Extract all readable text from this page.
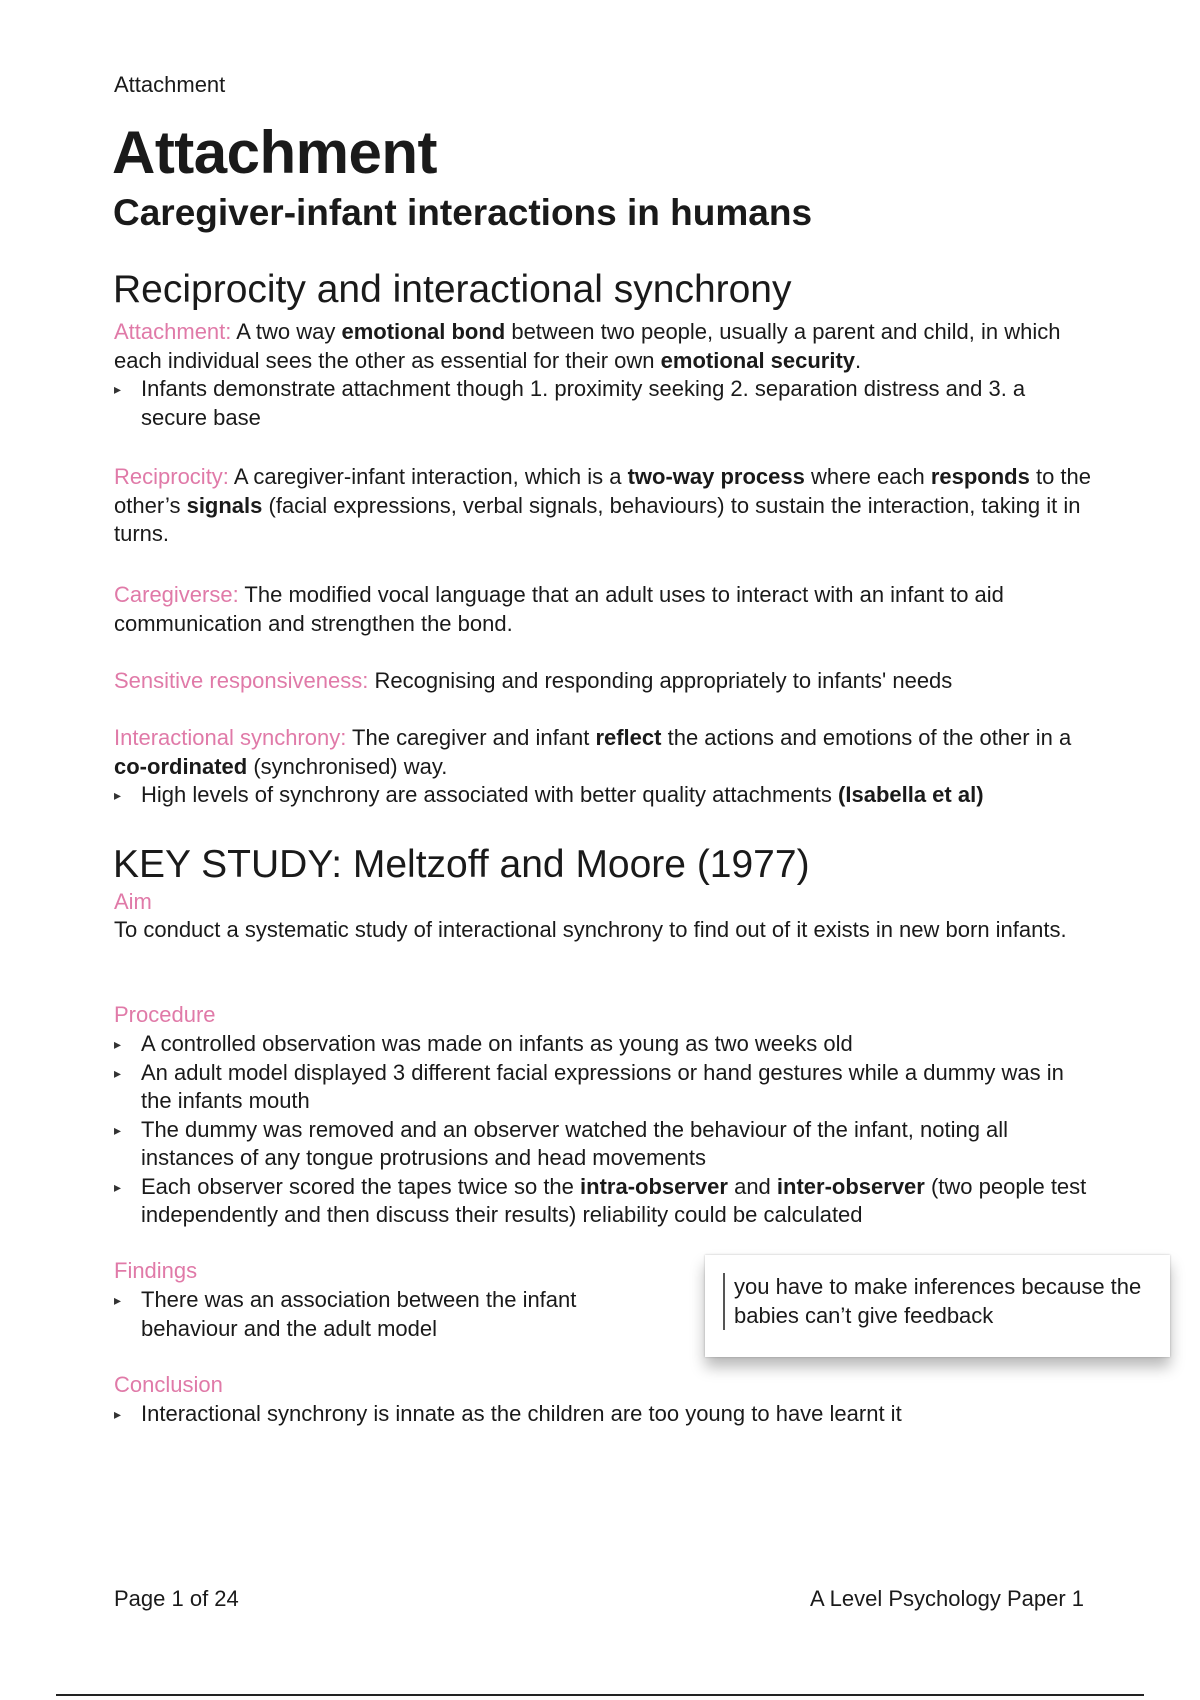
Attachment
Attachment
Caregiver-infant interactions in humans
Reciprocity and interactional synchrony
Attachment: A two way emotional bond between two people, usually a parent and child, in which each individual sees the other as essential for their own emotional security.
▸ Infants demonstrate attachment though 1. proximity seeking 2. separation distress and 3. a secure base
Reciprocity: A caregiver-infant interaction, which is a two-way process where each responds to the other’s signals (facial expressions, verbal signals, behaviours) to sustain the interaction, taking it in turns.
Caregiverse: The modified vocal language that an adult uses to interact with an infant to aid communication and strengthen the bond.
Sensitive responsiveness: Recognising and responding appropriately to infants' needs
Interactional synchrony: The caregiver and infant reflect the actions and emotions of the other in a co-ordinated (synchronised) way.
▸ High levels of synchrony are associated with better quality attachments (Isabella et al)
KEY STUDY: Meltzoff and Moore (1977)
Aim
To conduct a systematic study of interactional synchrony to find out of it exists in new born infants.
Procedure
▸ A controlled observation was made on infants as young as two weeks old
▸ An adult model displayed 3 different facial expressions or hand gestures while a dummy was in the infants mouth
▸ The dummy was removed and an observer watched the behaviour of the infant, noting all instances of any tongue protrusions and head movements
▸ Each observer scored the tapes twice so the intra-observer and inter-observer (two people test independently and then discuss their results) reliability could be calculated
Findings
▸ There was an association between the infant behaviour and the adult model
Conclusion
▸ Interactional synchrony is innate as the children are too young to have learnt it
you have to make inferences because the babies can’t give feedback
Page 1 of 24	A Level Psychology Paper 1
